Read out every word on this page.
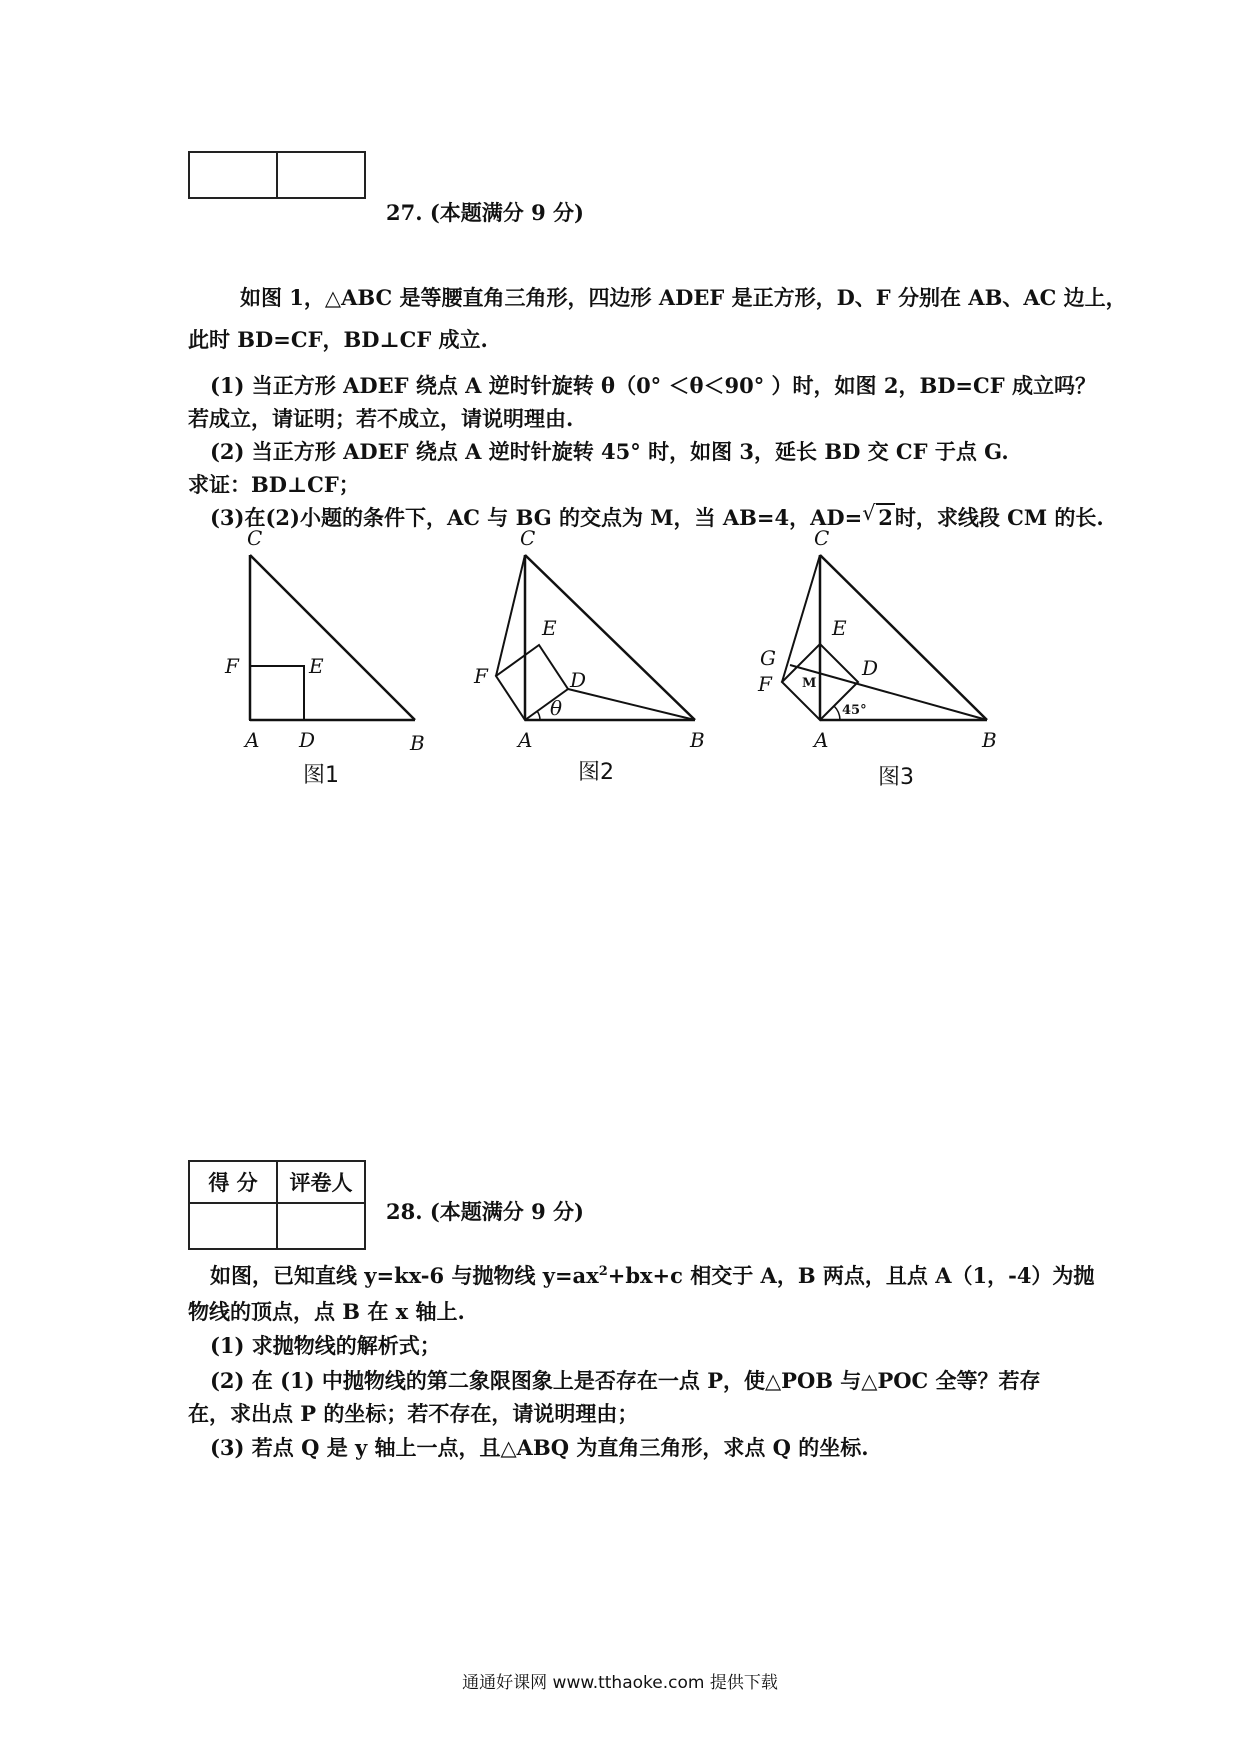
27. (本题满分 9 分)
如图 1，△ABC 是等腰直角三角形，四边形 ADEF 是正方形，D、F 分别在 AB、AC 边上，
此时 BD=CF，BD⊥CF 成立.
(1) 当正方形 ADEF 绕点 A 逆时针旋转 θ（0° ＜θ＜90° ）时，如图 2，BD=CF 成立吗？
若成立，请证明；若不成立，请说明理由.
(2) 当正方形 ADEF 绕点 A 逆时针旋转 45° 时，如图 3，延长 BD 交 CF 于点 G.
求证：BD⊥CF；
(3)在(2)小题的条件下，AC 与 BG 的交点为 M，当 AB=4，AD= √ 2时，求线段 CM 的长.
C
F	E
A D	B
图1
C
E
F	D
θ
A	B
图2
C
E
G
F M
D
45°
A	B
图3
得 分	评卷人

28. (本题满分 9 分)
如图，已知直线 y=kx-6 与抛物线 $y=ax^2+bx+c$ 相交于 A，B 两点，且点 A（1，-4）为抛
物线的顶点，点 B 在 x 轴上.
(1) 求抛物线的解析式；
(2) 在 (1) 中抛物线的第二象限图象上是否存在一点 P，使△POB 与△POC 全等？若存
在，求出点 P 的坐标；若不存在，请说明理由；
(3) 若点 Q 是 y 轴上一点，且△ABQ 为直角三角形，求点 Q 的坐标.
通通好课网 www.tthaoke.com 提供下载
